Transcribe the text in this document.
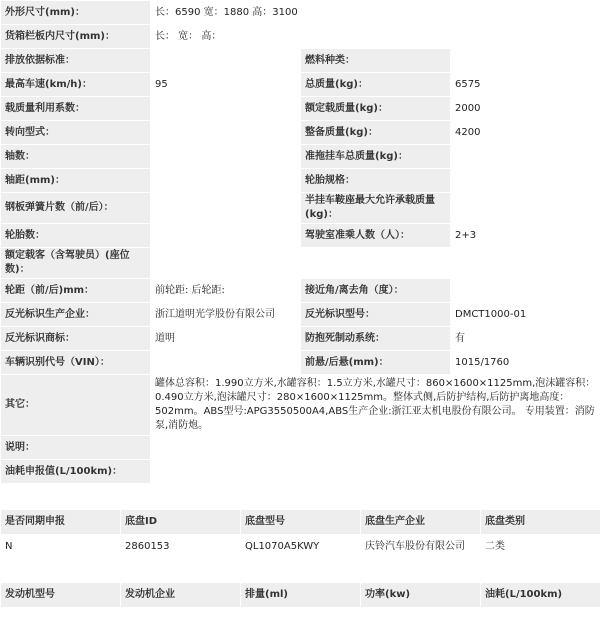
外形尺寸(mm)：	长：6590 宽：1880 高：3100		
货箱栏板内尺寸(mm)：	长： 宽： 高：		
排放依据标准：		燃料种类：	
最高车速(km/h)：	95	总质量(kg)：	6575
载质量利用系数：		额定载质量(kg)：	2000
转向型式：		整备质量(kg)：	4200
轴数：		准拖挂车总质量(kg)：	
轴距(mm)：		轮胎规格：	
钢板弹簧片数（前/后）：		半挂车鞍座最大允许承载质量(kg)：	
轮胎数：		驾驶室准乘人数（人）：	2+3
额定载客（含驾驶员）(座位数)：			
轮距（前/后)mm：	前轮距: 后轮距:	接近角/离去角（度）：	
反光标识生产企业：	浙江道明光学股份有限公司	反光标识型号：	DMCT1000-01
反光标识商标：	道明	防抱死制动系统：	有
车辆识别代号（VIN）：		前悬/后悬(mm)：	1015/1760
其它：	罐体总容积：1.990立方米,水罐容积：1.5立方米,水罐尺寸：860×1600×1125mm,泡沫罐容积：0.490立方米,泡沫罐尺寸：280×1600×1125mm。整体式侧,后防护结构,后防护离地高度：502mm。ABS型号:APG3550500A4,ABS生产企业:浙江亚太机电股份有限公司。 专用装置：消防泵,消防炮。		
说明：			
油耗申报值(L/100km)：			
是否同期申报	底盘ID	底盘型号	底盘生产企业	底盘类别
N	2860153	QL1070A5KWY	庆铃汽车股份有限公司	二类
发动机型号	发动机企业	排量(ml)	功率(kw)	油耗(L/100km)
